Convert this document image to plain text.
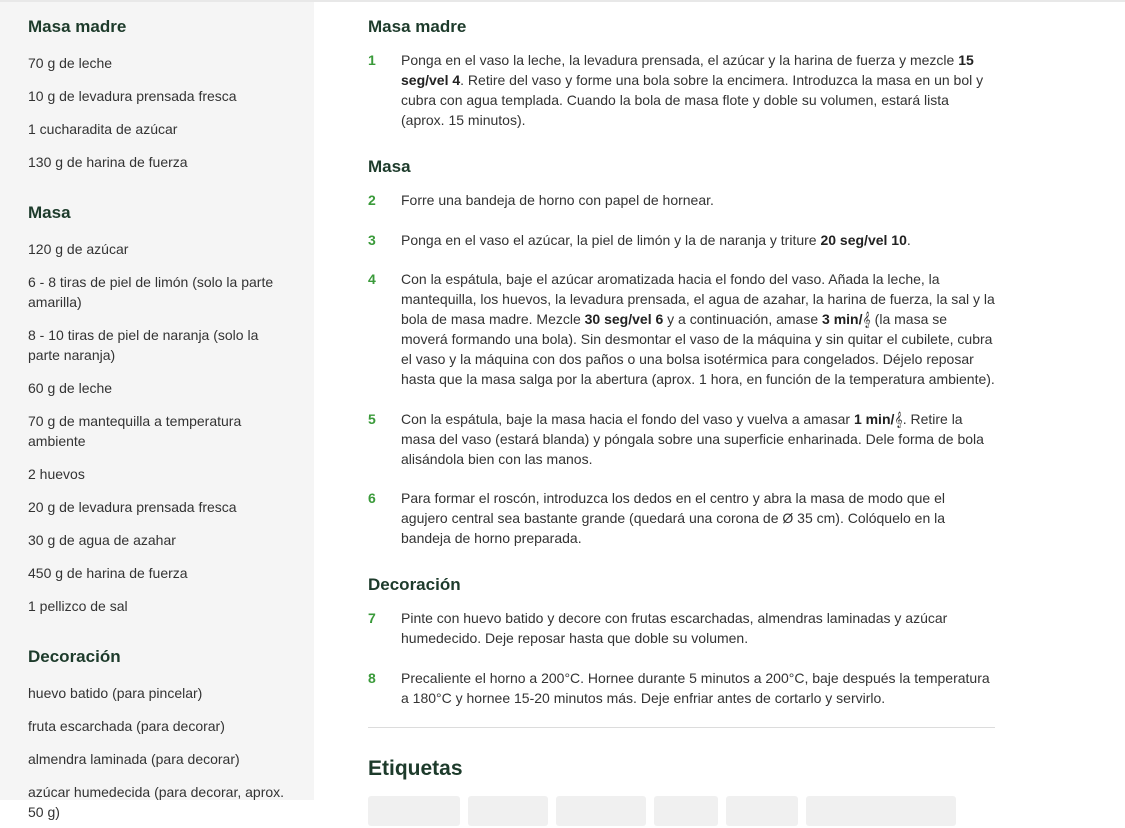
Masa madre
70 g de leche
10 g de levadura prensada fresca
1 cucharadita de azúcar
130 g de harina de fuerza
Masa
120 g de azúcar
6 - 8 tiras de piel de limón (solo la parte amarilla)
8 - 10 tiras de piel de naranja (solo la parte naranja)
60 g de leche
70 g de mantequilla a temperatura ambiente
2 huevos
20 g de levadura prensada fresca
30 g de agua de azahar
450 g de harina de fuerza
1 pellizco de sal
Decoración
huevo batido (para pincelar)
fruta escarchada (para decorar)
almendra laminada (para decorar)
azúcar humedecida (para decorar, aprox. 50 g)
Masa madre
1	Ponga en el vaso la leche, la levadura prensada, el azúcar y la harina de fuerza y mezcle 15 seg/vel 4. Retire del vaso y forme una bola sobre la encimera. Introduzca la masa en un bol y cubra con agua templada. Cuando la bola de masa flote y doble su volumen, estará lista (aprox. 15 minutos).
Masa
2	Forre una bandeja de horno con papel de hornear.
3	Ponga en el vaso el azúcar, la piel de limón y la de naranja y triture 20 seg/vel 10.
4	Con la espátula, baje el azúcar aromatizada hacia el fondo del vaso. Añada la leche, la mantequilla, los huevos, la levadura prensada, el agua de azahar, la harina de fuerza, la sal y la bola de masa madre. Mezcle 30 seg/vel 6 y a continuación, amase 3 min/𝄞 (la masa se moverá formando una bola). Sin desmontar el vaso de la máquina y sin quitar el cubilete, cubra el vaso y la máquina con dos paños o una bolsa isotérmica para congelados. Déjelo reposar hasta que la masa salga por la abertura (aprox. 1 hora, en función de la temperatura ambiente).
5	Con la espátula, baje la masa hacia el fondo del vaso y vuelva a amasar 1 min/𝄞. Retire la masa del vaso (estará blanda) y póngala sobre una superficie enharinada. Dele forma de bola alisándola bien con las manos.
6	Para formar el roscón, introduzca los dedos en el centro y abra la masa de modo que el agujero central sea bastante grande (quedará una corona de Ø 35 cm). Colóquelo en la bandeja de horno preparada.
Decoración
7	Pinte con huevo batido y decore con frutas escarchadas, almendras laminadas y azúcar humedecido. Deje reposar hasta que doble su volumen.
8	Precaliente el horno a 200°C. Hornee durante 5 minutos a 200°C, baje después la temperatura a 180°C y hornee 15-20 minutos más. Deje enfriar antes de cortarlo y servirlo.
Etiquetas
